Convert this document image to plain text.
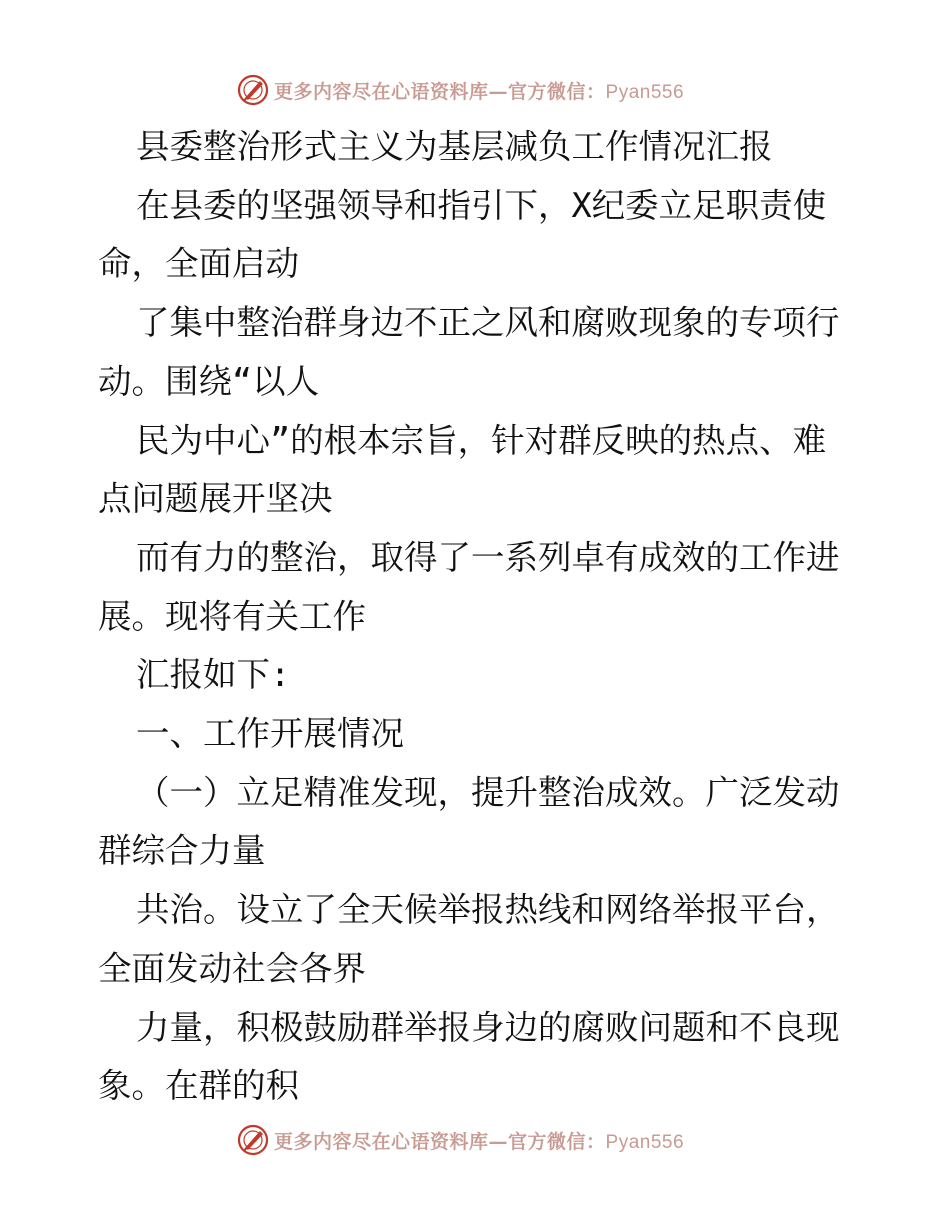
更多内容尽在心语资料库—官方微信：Pyan556

县委整治形式主义为基层减负工作情况汇报

在县委的坚强领导和指引下，X纪委立足职责使
命，全面启动

了集中整治群身边不正之风和腐败现象的专项行
动。围绕“以人

民为中心”的根本宗旨，针对群反映的热点、难
点问题展开坚决

而有力的整治，取得了一系列卓有成效的工作进
展。现将有关工作

汇报如下:

一、工作开展情况

（一）立足精准发现，提升整治成效。广泛发动
群综合力量

共治。设立了全天候举报热线和网络举报平台，
全面发动社会各界

力量，积极鼓励群举报身边的腐败问题和不良现
象。在群的积

更多内容尽在心语资料库—官方微信：Pyan556
